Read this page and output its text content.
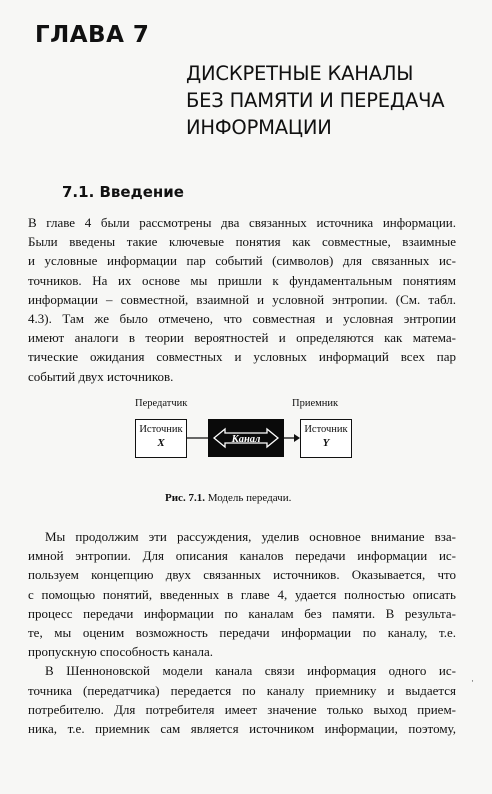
ГЛАВА 7
ДИСКРЕТНЫЕ КАНАЛЫ
БЕЗ ПАМЯТИ И ПЕРЕДАЧА
ИНФОРМАЦИИ
7.1. Введение
В главе 4 были рассмотрены два связанных источника информации.
Были введены такие ключевые понятия как совместные, взаимные
и условные информации пар событий (символов) для связанных ис-
точников. На их основе мы пришли к фундаментальным понятиям
информации – совместной, взаимной и условной энтропии. (См. табл.
4.3). Там же было отмечено, что совместная и условная энтропии
имеют аналоги в теории вероятностей и определяются как матема-
тические ожидания совместных и условных информаций всех пар
событий двух источников.
Передатчик	Приемник
Источник
X	Канал
Источник
Y
Рис. 7.1. Модель передачи.
Мы продолжим эти рассуждения, уделив основное внимание вза-
имной энтропии. Для описания каналов передачи информации ис-
пользуем концепцию двух связанных источников. Оказывается, что
с помощью понятий, введенных в главе 4, удается полностью описать
процесс передачи информации по каналам без памяти. В результа-
те, мы оценим возможность передачи информации по каналу, т.е.
пропускную способность канала.
В Шенноновской модели канала связи информация одного ис-
точника (передатчика) передается по каналу приемнику и выдается
потребителю. Для потребителя имеет значение только выход прием-
ника, т.е. приемник сам является источником информации, поэтому,
·
